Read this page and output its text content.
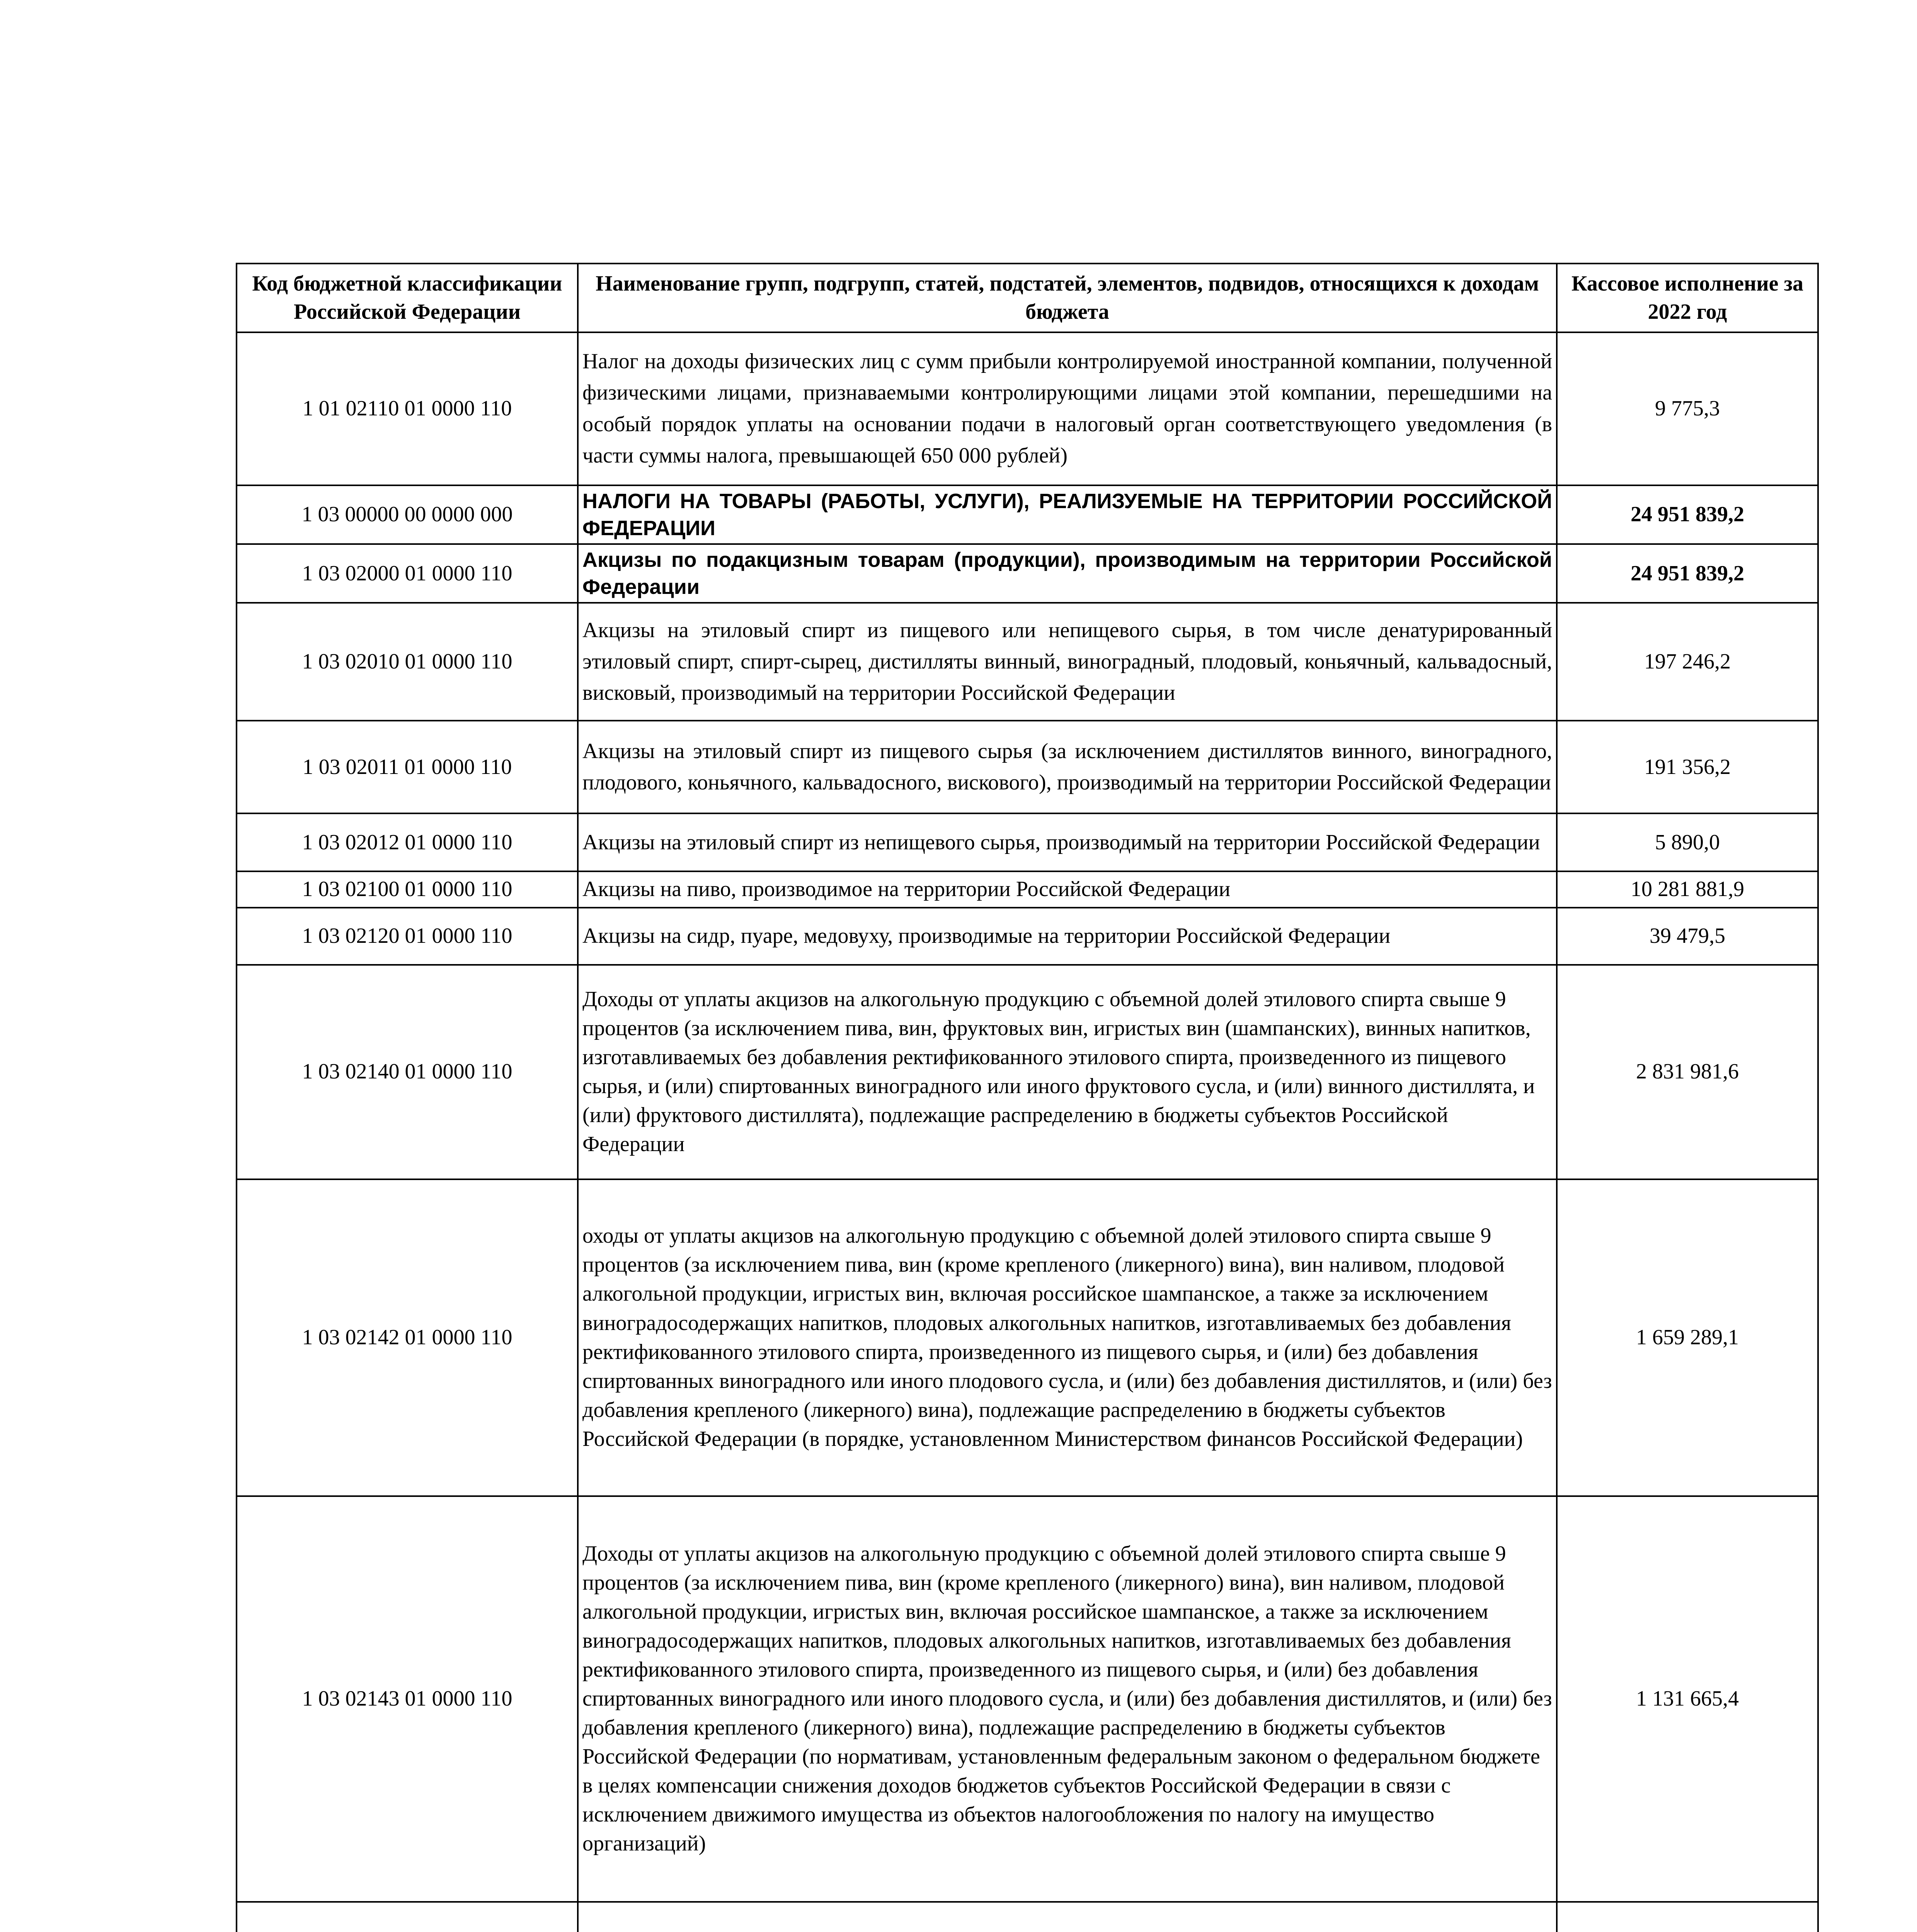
Код бюджетной классификации Российской Федерации	Наименование групп, подгрупп, статей, подстатей, элементов, подвидов, относящихся к доходам бюджета	Кассовое исполнение за 2022 год
1 01 02110 01 0000 110	Налог на доходы физических лиц с сумм прибыли контролируемой иностранной компании, полученной физическими лицами, признаваемыми контролирующими лицами этой компании, перешедшими на особый порядок уплаты на основании подачи в налоговый орган соответствующего уведомления (в части суммы налога, превышающей 650 000 рублей)	9 775,3
1 03 00000 00 0000 000	НАЛОГИ НА ТОВАРЫ (РАБОТЫ, УСЛУГИ), РЕАЛИЗУЕМЫЕ НА ТЕРРИТОРИИ РОССИЙСКОЙ ФЕДЕРАЦИИ	24 951 839,2
1 03 02000 01 0000 110	Акцизы по подакцизным товарам (продукции), производимым на территории Российской Федерации	24 951 839,2
1 03 02010 01 0000 110	Акцизы на этиловый спирт из пищевого или непищевого сырья, в том числе денатурированный этиловый спирт, спирт-сырец, дистилляты винный, виноградный, плодовый, коньячный, кальвадосный, висковый, производимый на территории Российской Федерации	197 246,2
1 03 02011 01 0000 110	Акцизы на этиловый спирт из пищевого сырья (за исключением дистиллятов винного, виноградного, плодового, коньячного, кальвадосного, вискового), производимый на территории Российской Федерации	191 356,2
1 03 02012 01 0000 110	Акцизы на этиловый спирт из непищевого сырья, производимый на территории Российской Федерации	5 890,0
1 03 02100 01 0000 110	Акцизы на пиво, производимое на территории Российской Федерации	10 281 881,9
1 03 02120 01 0000 110	Акцизы на сидр, пуаре, медовуху, производимые на территории Российской Федерации	39 479,5
1 03 02140 01 0000 110	Доходы от уплаты акцизов на алкогольную продукцию с объемной долей этилового спирта свыше 9 процентов (за исключением пива, вин, фруктовых вин, игристых вин (шампанских), винных напитков, изготавливаемых без добавления ректификованного этилового спирта, произведенного из пищевого сырья, и (или) спиртованных виноградного или иного фруктового сусла, и (или) винного дистиллята, и (или) фруктового дистиллята), подлежащие распределению в бюджеты субъектов Российской Федерации	2 831 981,6
1 03 02142 01 0000 110	оходы от уплаты акцизов на алкогольную продукцию с объемной долей этилового спирта свыше 9 процентов (за исключением пива, вин (кроме крепленого (ликерного) вина), вин наливом, плодовой алкогольной продукции, игристых вин, включая российское шампанское, а также за исключением виноградосодержащих напитков, плодовых алкогольных напитков, изготавливаемых без добавления ректификованного этилового спирта, произведенного из пищевого сырья, и (или) без добавления спиртованных виноградного или иного плодового сусла, и (или) без добавления дистиллятов, и (или) без добавления крепленого (ликерного) вина), подлежащие распределению в бюджеты субъектов Российской Федерации (в порядке, установленном Министерством финансов Российской Федерации)	1 659 289,1
1 03 02143 01 0000 110	Доходы от уплаты акцизов на алкогольную продукцию с объемной долей этилового спирта свыше 9 процентов (за исключением пива, вин (кроме крепленого (ликерного) вина), вин наливом, плодовой алкогольной продукции, игристых вин, включая российское шампанское, а также за исключением виноградосодержащих напитков, плодовых алкогольных напитков, изготавливаемых без добавления ректификованного этилового спирта, произведенного из пищевого сырья, и (или) без добавления спиртованных виноградного или иного плодового сусла, и (или) без добавления дистиллятов, и (или) без добавления крепленого (ликерного) вина), подлежащие распределению в бюджеты субъектов Российской Федерации (по нормативам, установленным федеральным законом о федеральном бюджете в целях компенсации снижения доходов бюджетов субъектов Российской Федерации в связи с исключением движимого имущества из объектов налогообложения по налогу на имущество организаций)	1 131 665,4
